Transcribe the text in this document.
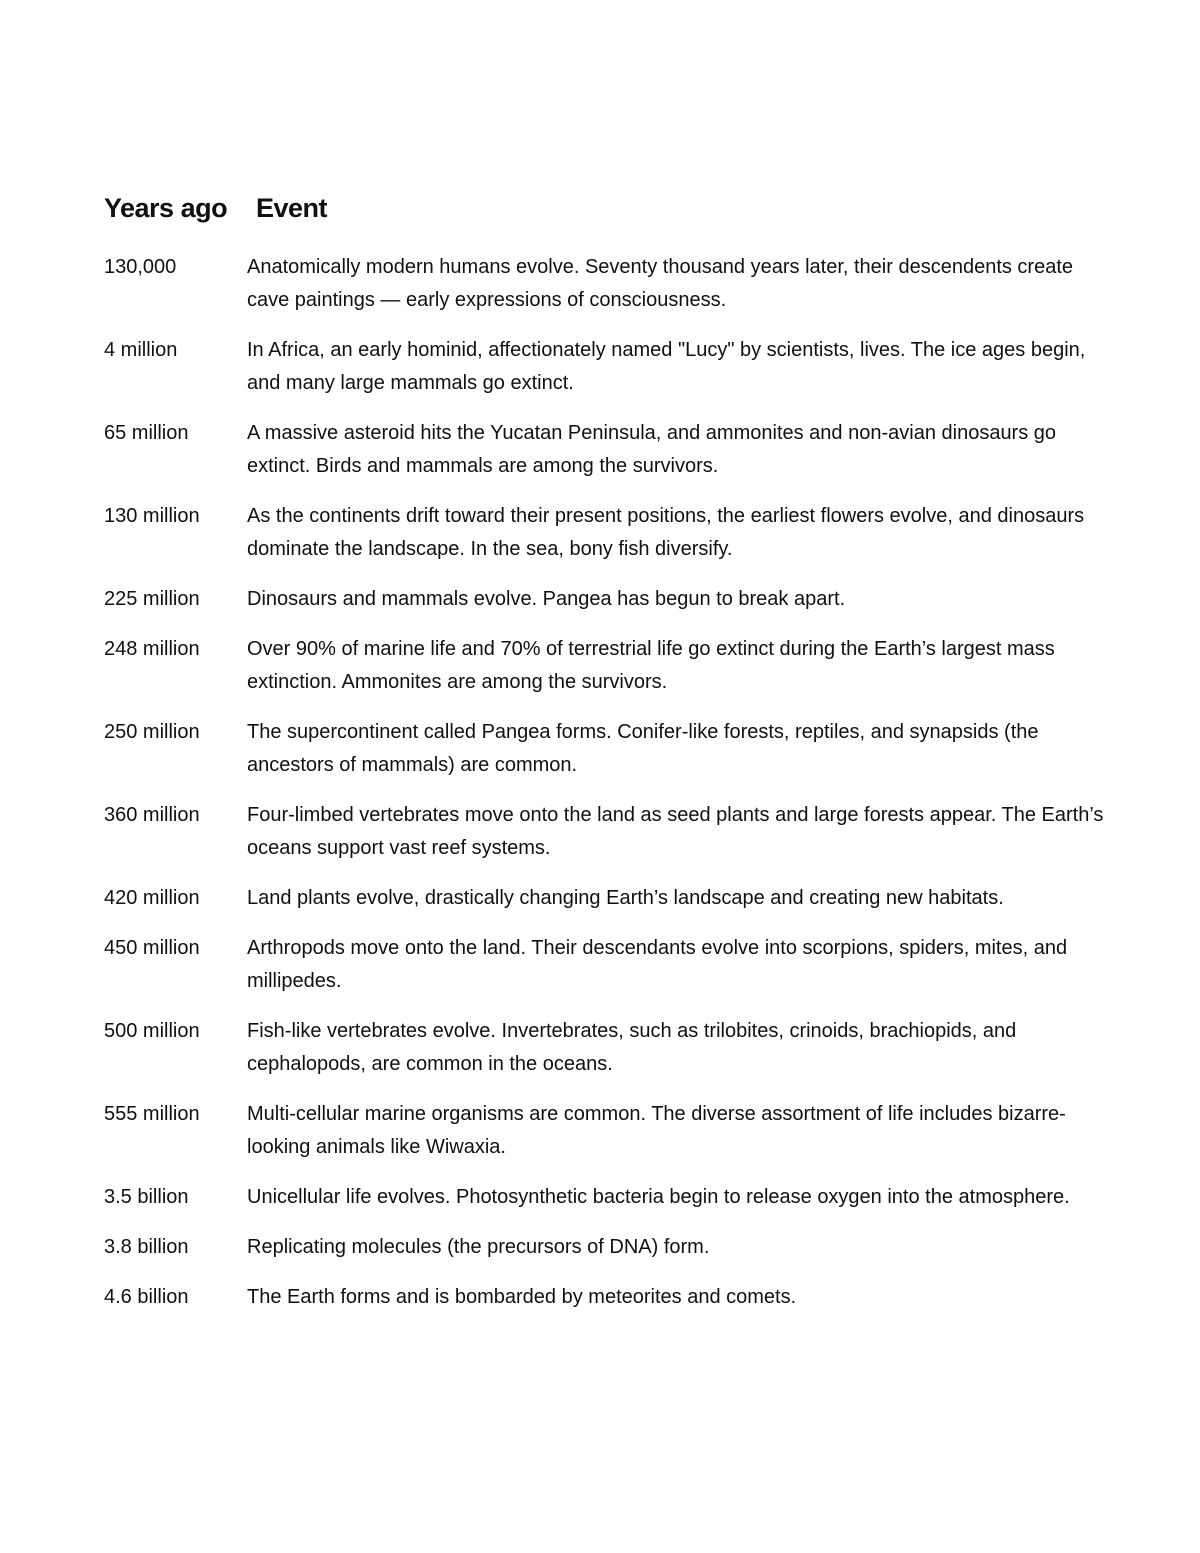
Years ago Event
130,000	Anatomically modern humans evolve. Seventy thousand years later, their descendents create cave paintings — early expressions of consciousness.
4 million	In Africa, an early hominid, affectionately named "Lucy" by scientists, lives. The ice ages begin, and many large mammals go extinct.
65 million	A massive asteroid hits the Yucatan Peninsula, and ammonites and non-avian dinosaurs go extinct. Birds and mammals are among the survivors.
130 million	As the continents drift toward their present positions, the earliest flowers evolve, and dinosaurs dominate the landscape. In the sea, bony fish diversify.
225 million	Dinosaurs and mammals evolve. Pangea has begun to break apart.
248 million	Over 90% of marine life and 70% of terrestrial life go extinct during the Earth’s largest mass extinction. Ammonites are among the survivors.
250 million	The supercontinent called Pangea forms. Conifer-like forests, reptiles, and synapsids (the ancestors of mammals) are common.
360 million	Four-limbed vertebrates move onto the land as seed plants and large forests appear. The Earth’s oceans support vast reef systems.
420 million	Land plants evolve, drastically changing Earth’s landscape and creating new habitats.
450 million	Arthropods move onto the land. Their descendants evolve into scorpions, spiders, mites, and millipedes.
500 million	Fish-like vertebrates evolve. Invertebrates, such as trilobites, crinoids, brachiopids, and cephalopods, are common in the oceans.
555 million	Multi-cellular marine organisms are common. The diverse assortment of life includes bizarre-looking animals like Wiwaxia.
3.5 billion	Unicellular life evolves. Photosynthetic bacteria begin to release oxygen into the atmosphere.
3.8 billion	Replicating molecules (the precursors of DNA) form.
4.6 billion	The Earth forms and is bombarded by meteorites and comets.
